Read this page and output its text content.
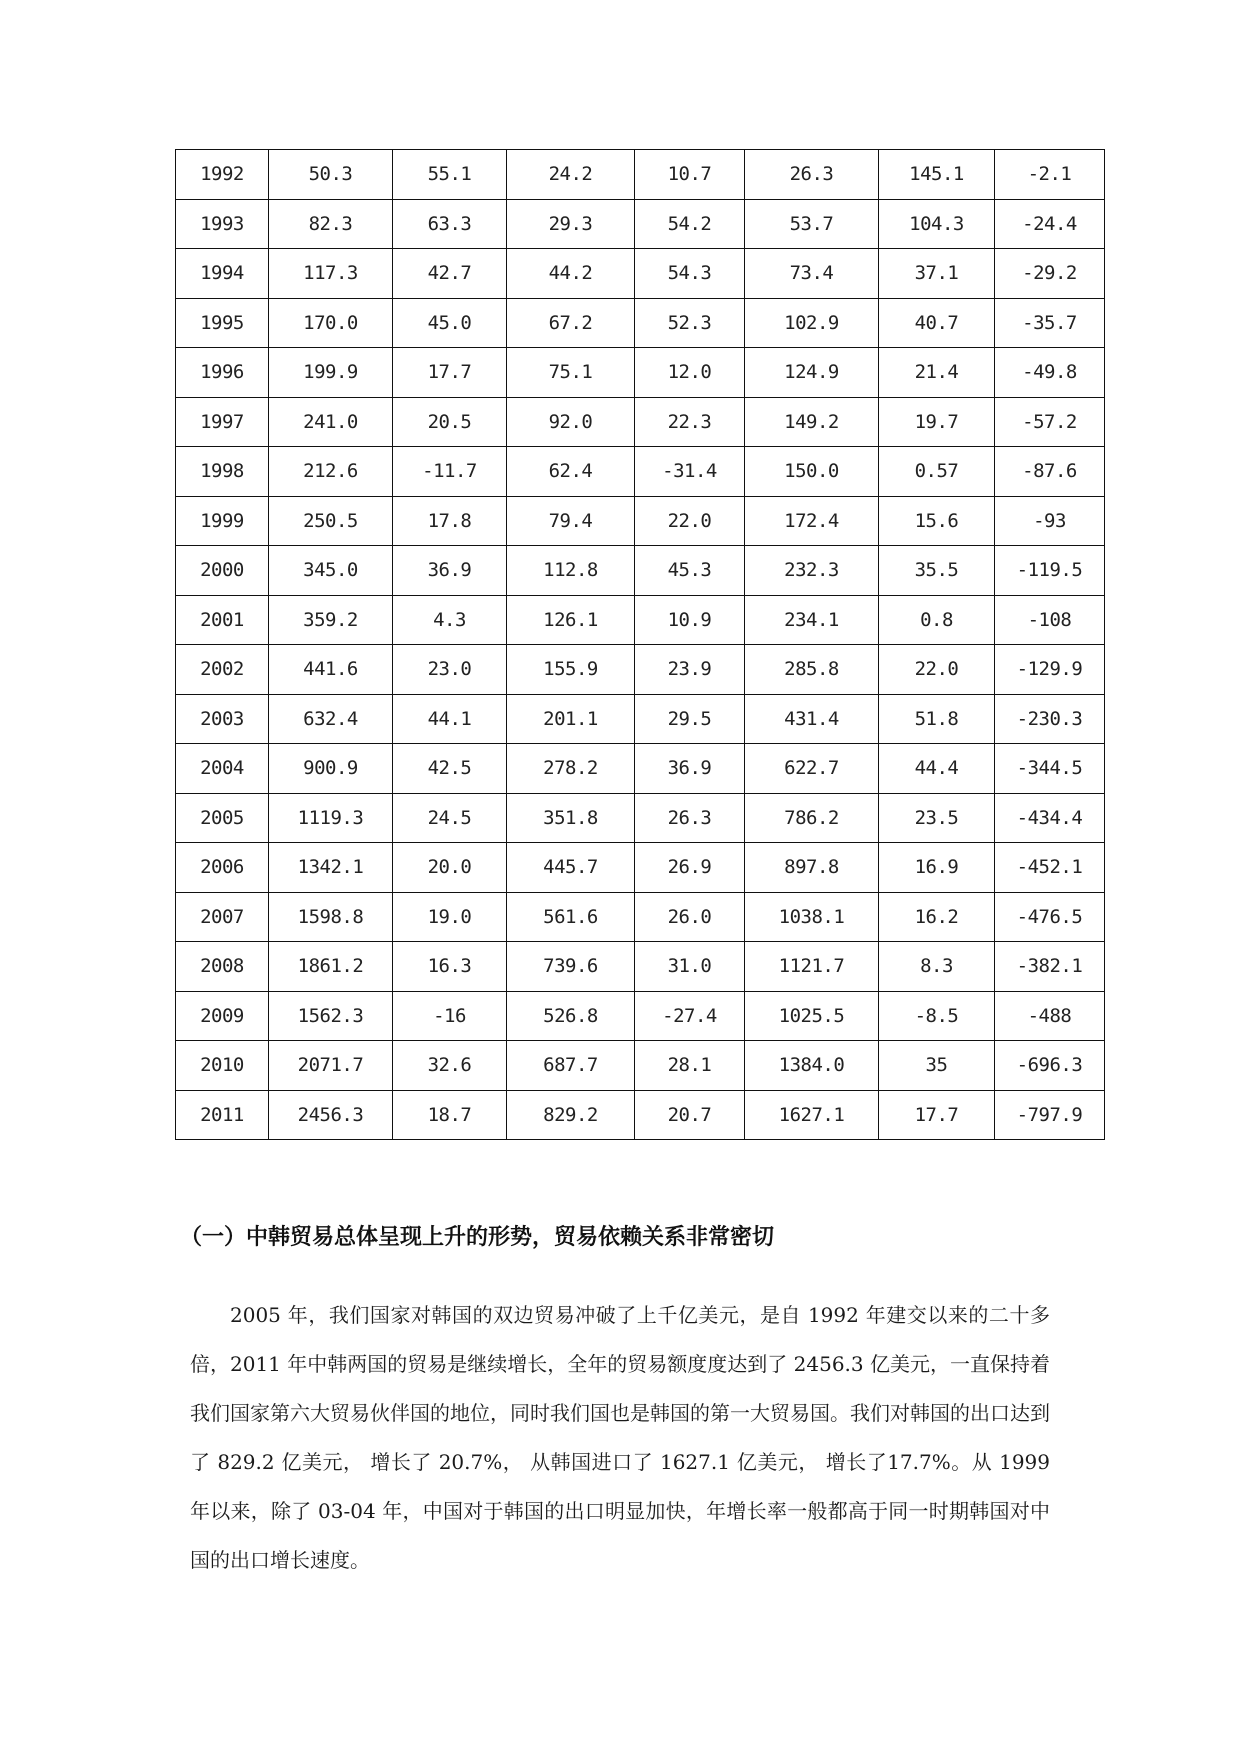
1992	50.3	55.1	24.2	10.7	26.3	145.1	-2.1
1993	82.3	63.3	29.3	54.2	53.7	104.3	-24.4
1994	117.3	42.7	44.2	54.3	73.4	37.1	-29.2
1995	170.0	45.0	67.2	52.3	102.9	40.7	-35.7
1996	199.9	17.7	75.1	12.0	124.9	21.4	-49.8
1997	241.0	20.5	92.0	22.3	149.2	19.7	-57.2
1998	212.6	-11.7	62.4	-31.4	150.0	0.57	-87.6
1999	250.5	17.8	79.4	22.0	172.4	15.6	-93
2000	345.0	36.9	112.8	45.3	232.3	35.5	-119.5
2001	359.2	4.3	126.1	10.9	234.1	0.8	-108
2002	441.6	23.0	155.9	23.9	285.8	22.0	-129.9
2003	632.4	44.1	201.1	29.5	431.4	51.8	-230.3
2004	900.9	42.5	278.2	36.9	622.7	44.4	-344.5
2005	1119.3	24.5	351.8	26.3	786.2	23.5	-434.4
2006	1342.1	20.0	445.7	26.9	897.8	16.9	-452.1
2007	1598.8	19.0	561.6	26.0	1038.1	16.2	-476.5
2008	1861.2	16.3	739.6	31.0	1121.7	8.3	-382.1
2009	1562.3	-16	526.8	-27.4	1025.5	-8.5	-488
2010	2071.7	32.6	687.7	28.1	1384.0	35	-696.3
2011	2456.3	18.7	829.2	20.7	1627.1	17.7	-797.9
（一）中韩贸易总体呈现上升的形势，贸易依赖关系非常密切

2005 年，我们国家对韩国的双边贸易冲破了上千亿美元，是自 1992 年建交以来的二十多倍，2011 年中韩两国的贸易是继续增长，全年的贸易额度度达到了 2456.3 亿美元，一直保持着我们国家第六大贸易伙伴国的地位，同时我们国也是韩国的第一大贸易国。我们对韩国的出口达到了 829.2 亿美元， 增长了 20.7%， 从韩国进口了 1627.1 亿美元， 增长了17.7%。从 1999 年以来，除了 03-04 年，中国对于韩国的出口明显加快，年增长率一般都高于同一时期韩国对中国的出口增长速度。
